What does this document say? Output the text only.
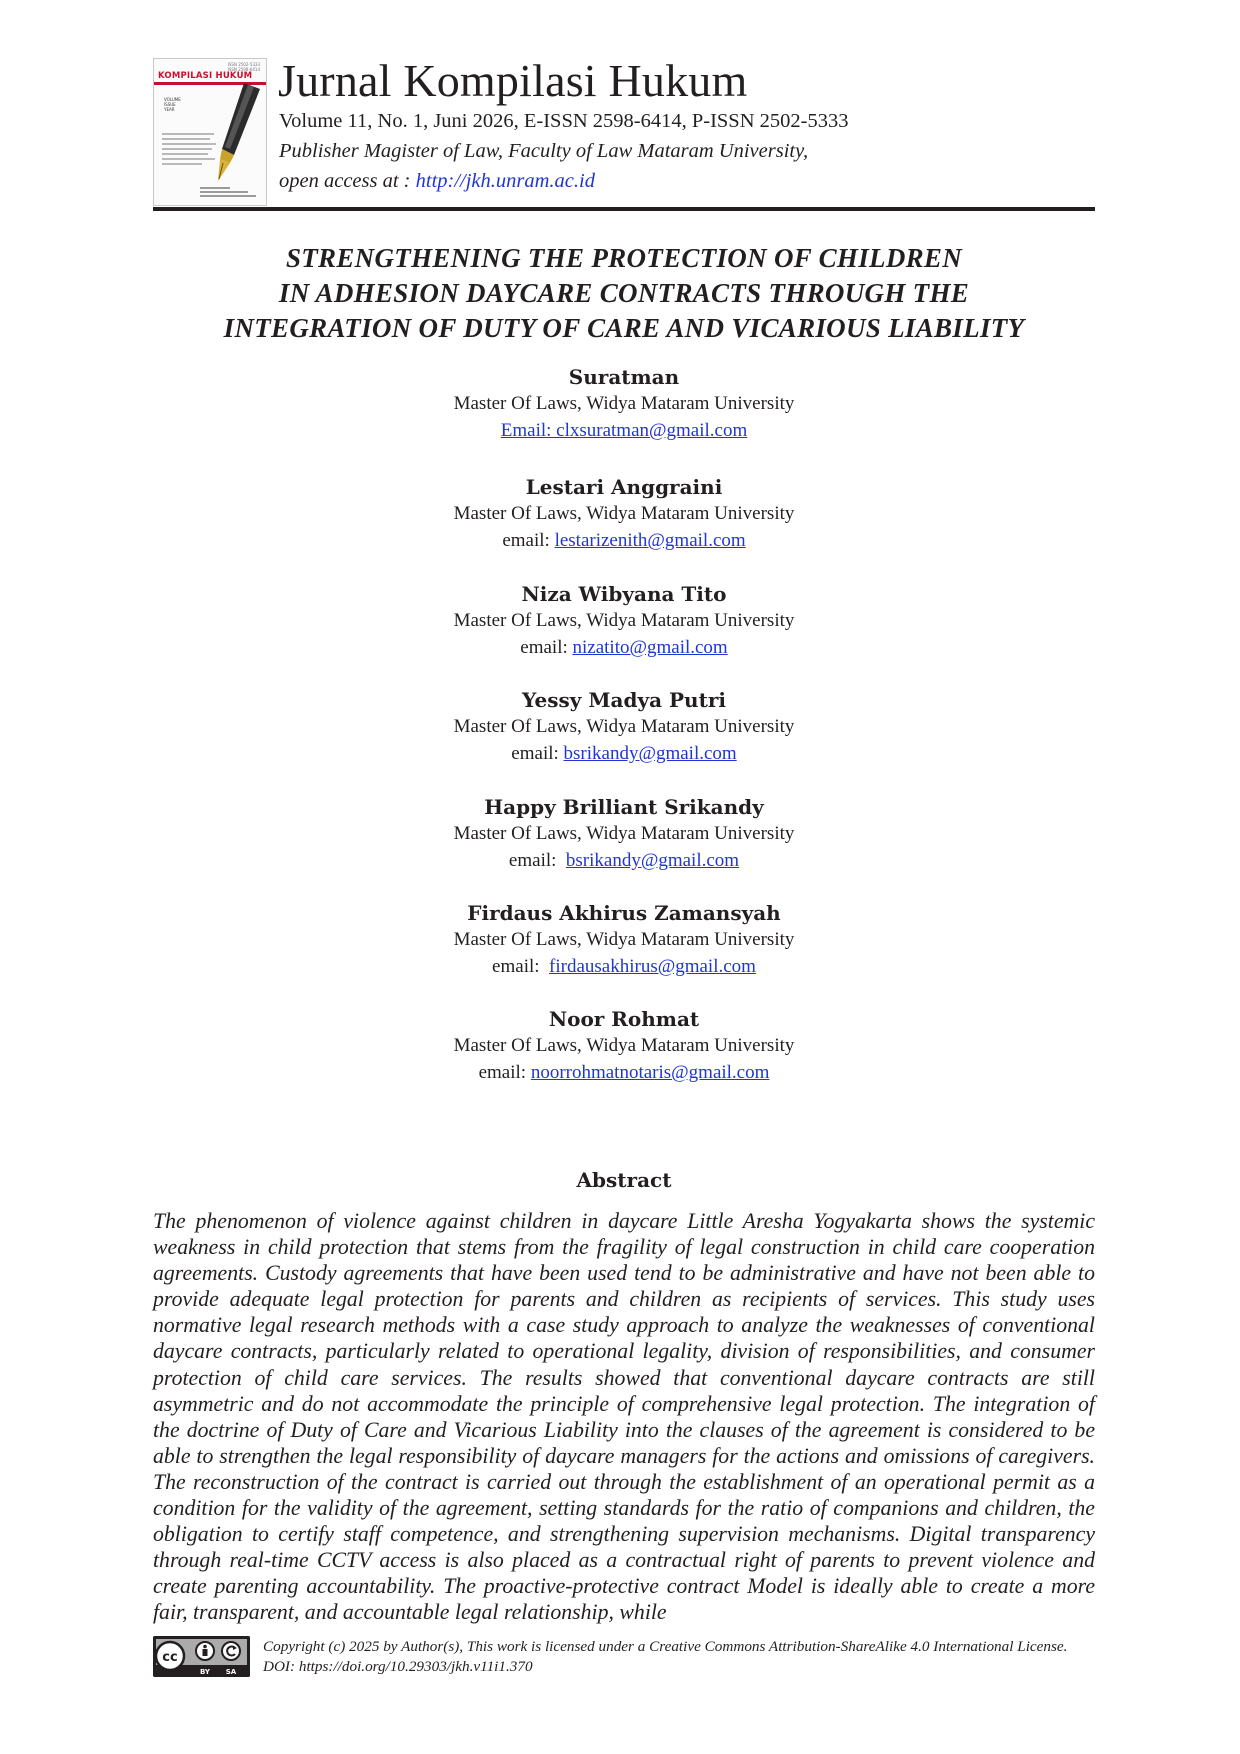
ISSN 2502-5333
ISSN 2598-6414
KOMPILASI HUKUM
VOLUME
ISSUE
YEAR
Jurnal Kompilasi Hukum
Volume 11, No. 1, Juni 2026, E-ISSN 2598-6414, P-ISSN 2502-5333
Publisher Magister of Law, Faculty of Law Mataram University,
open access at : http://jkh.unram.ac.id
STRENGTHENING THE PROTECTION OF CHILDREN
IN ADHESION DAYCARE CONTRACTS THROUGH THE
INTEGRATION OF DUTY OF CARE AND VICARIOUS LIABILITY
Suratman
Master Of Laws, Widya Mataram University
Email: clxsuratman@gmail.com
Lestari Anggraini
Master Of Laws, Widya Mataram University
email: lestarizenith@gmail.com
Niza Wibyana Tito
Master Of Laws, Widya Mataram University
email: nizatito@gmail.com
Yessy Madya Putri
Master Of Laws, Widya Mataram University
email: bsrikandy@gmail.com
Happy Brilliant Srikandy
Master Of Laws, Widya Mataram University
email:  bsrikandy@gmail.com
Firdaus Akhirus Zamansyah
Master Of Laws, Widya Mataram University
email:  firdausakhirus@gmail.com
Noor Rohmat
Master Of Laws, Widya Mataram University
email: noorrohmatnotaris@gmail.com
Abstract

The phenomenon of violence against children in daycare Little Aresha Yogyakarta shows the systemic weakness in child protection that stems from the fragility of legal construction in child care cooperation agreements. Custody agreements that have been used tend to be administrative and have not been able to provide adequate legal protection for parents and children as recipients of services. This study uses normative legal research methods with a case study approach to analyze the weaknesses of conventional daycare contracts, particularly related to operational legality, division of responsibilities, and consumer protection of child care services. The results showed that conventional daycare contracts are still asymmetric and do not accommodate the principle of comprehensive legal protection. The integration of the doctrine of Duty of Care and Vicarious Liability into the clauses of the agreement is considered to be able to strengthen the legal responsibility of daycare managers for the actions and omissions of caregivers. The reconstruction of the contract is carried out through the establishment of an operational permit as a condition for the validity of the agreement, setting standards for the ratio of companions and children, the obligation to certify staff competence, and strengthening supervision mechanisms. Digital transparency through real-time CCTV access is also placed as a contractual right of parents to prevent violence and create parenting accountability. The proactive-protective contract Model is ideally able to create a more fair, transparent, and accountable legal relationship, while

cc
BY SA

Copyright (c) 2025 by Author(s), This work is licensed under a Creative Commons Attribution-ShareAlike 4.0 International License. DOI: https://doi.org/10.29303/jkh.v11i1.370
